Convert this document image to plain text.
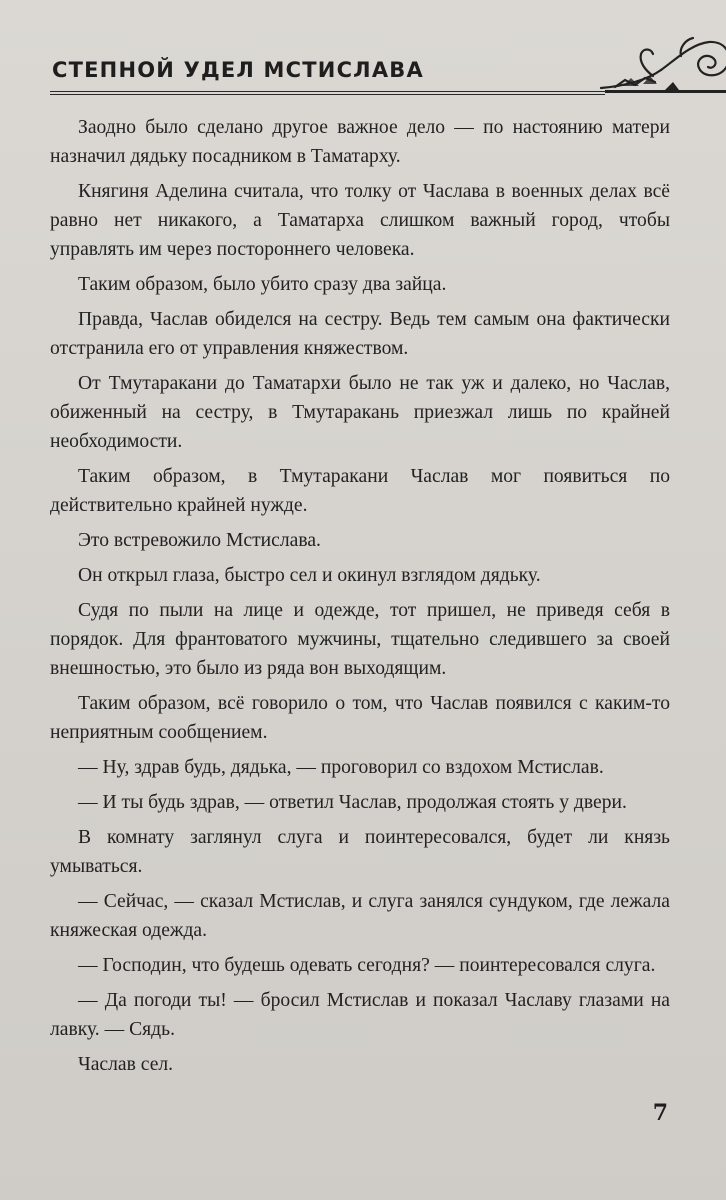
СТЕПНОЙ УДЕЛ МСТИСЛАВА

Заодно было сделано другое важное дело — по настоянию матери назначил дядьку посадником в Таматарху.

Княгиня Аделина считала, что толку от Часлава в военных делах всё равно нет никакого, а Таматарха слишком важный город, чтобы управлять им через постороннего человека.

Таким образом, было убито сразу два зайца.

Правда, Часлав обиделся на сестру. Ведь тем самым она фактически отстранила его от управления княжеством.

От Тмутаракани до Таматархи было не так уж и далеко, но Часлав, обиженный на сестру, в Тмутаракань приезжал лишь по крайней необходимости.

Таким образом, в Тмутаракани Часлав мог появиться по действительно крайней нужде.

Это встревожило Мстислава.

Он открыл глаза, быстро сел и окинул взглядом дядьку.

Судя по пыли на лице и одежде, тот пришел, не приведя себя в порядок. Для франтоватого мужчины, тщательно следившего за своей внешностью, это было из ряда вон выходящим.

Таким образом, всё говорило о том, что Часлав появился с каким-то неприятным сообщением.

— Ну, здрав будь, дядька, — проговорил со вздохом Мстислав.

— И ты будь здрав, — ответил Часлав, продолжая стоять у двери.

В комнату заглянул слуга и поинтересовался, будет ли князь умываться.

— Сейчас, — сказал Мстислав, и слуга занялся сундуком, где лежала княжеская одежда.

— Господин, что будешь одевать сегодня? — поинтересовался слуга.

— Да погоди ты! — бросил Мстислав и показал Чаславу глазами на лавку. — Сядь.

Часлав сел.

7
